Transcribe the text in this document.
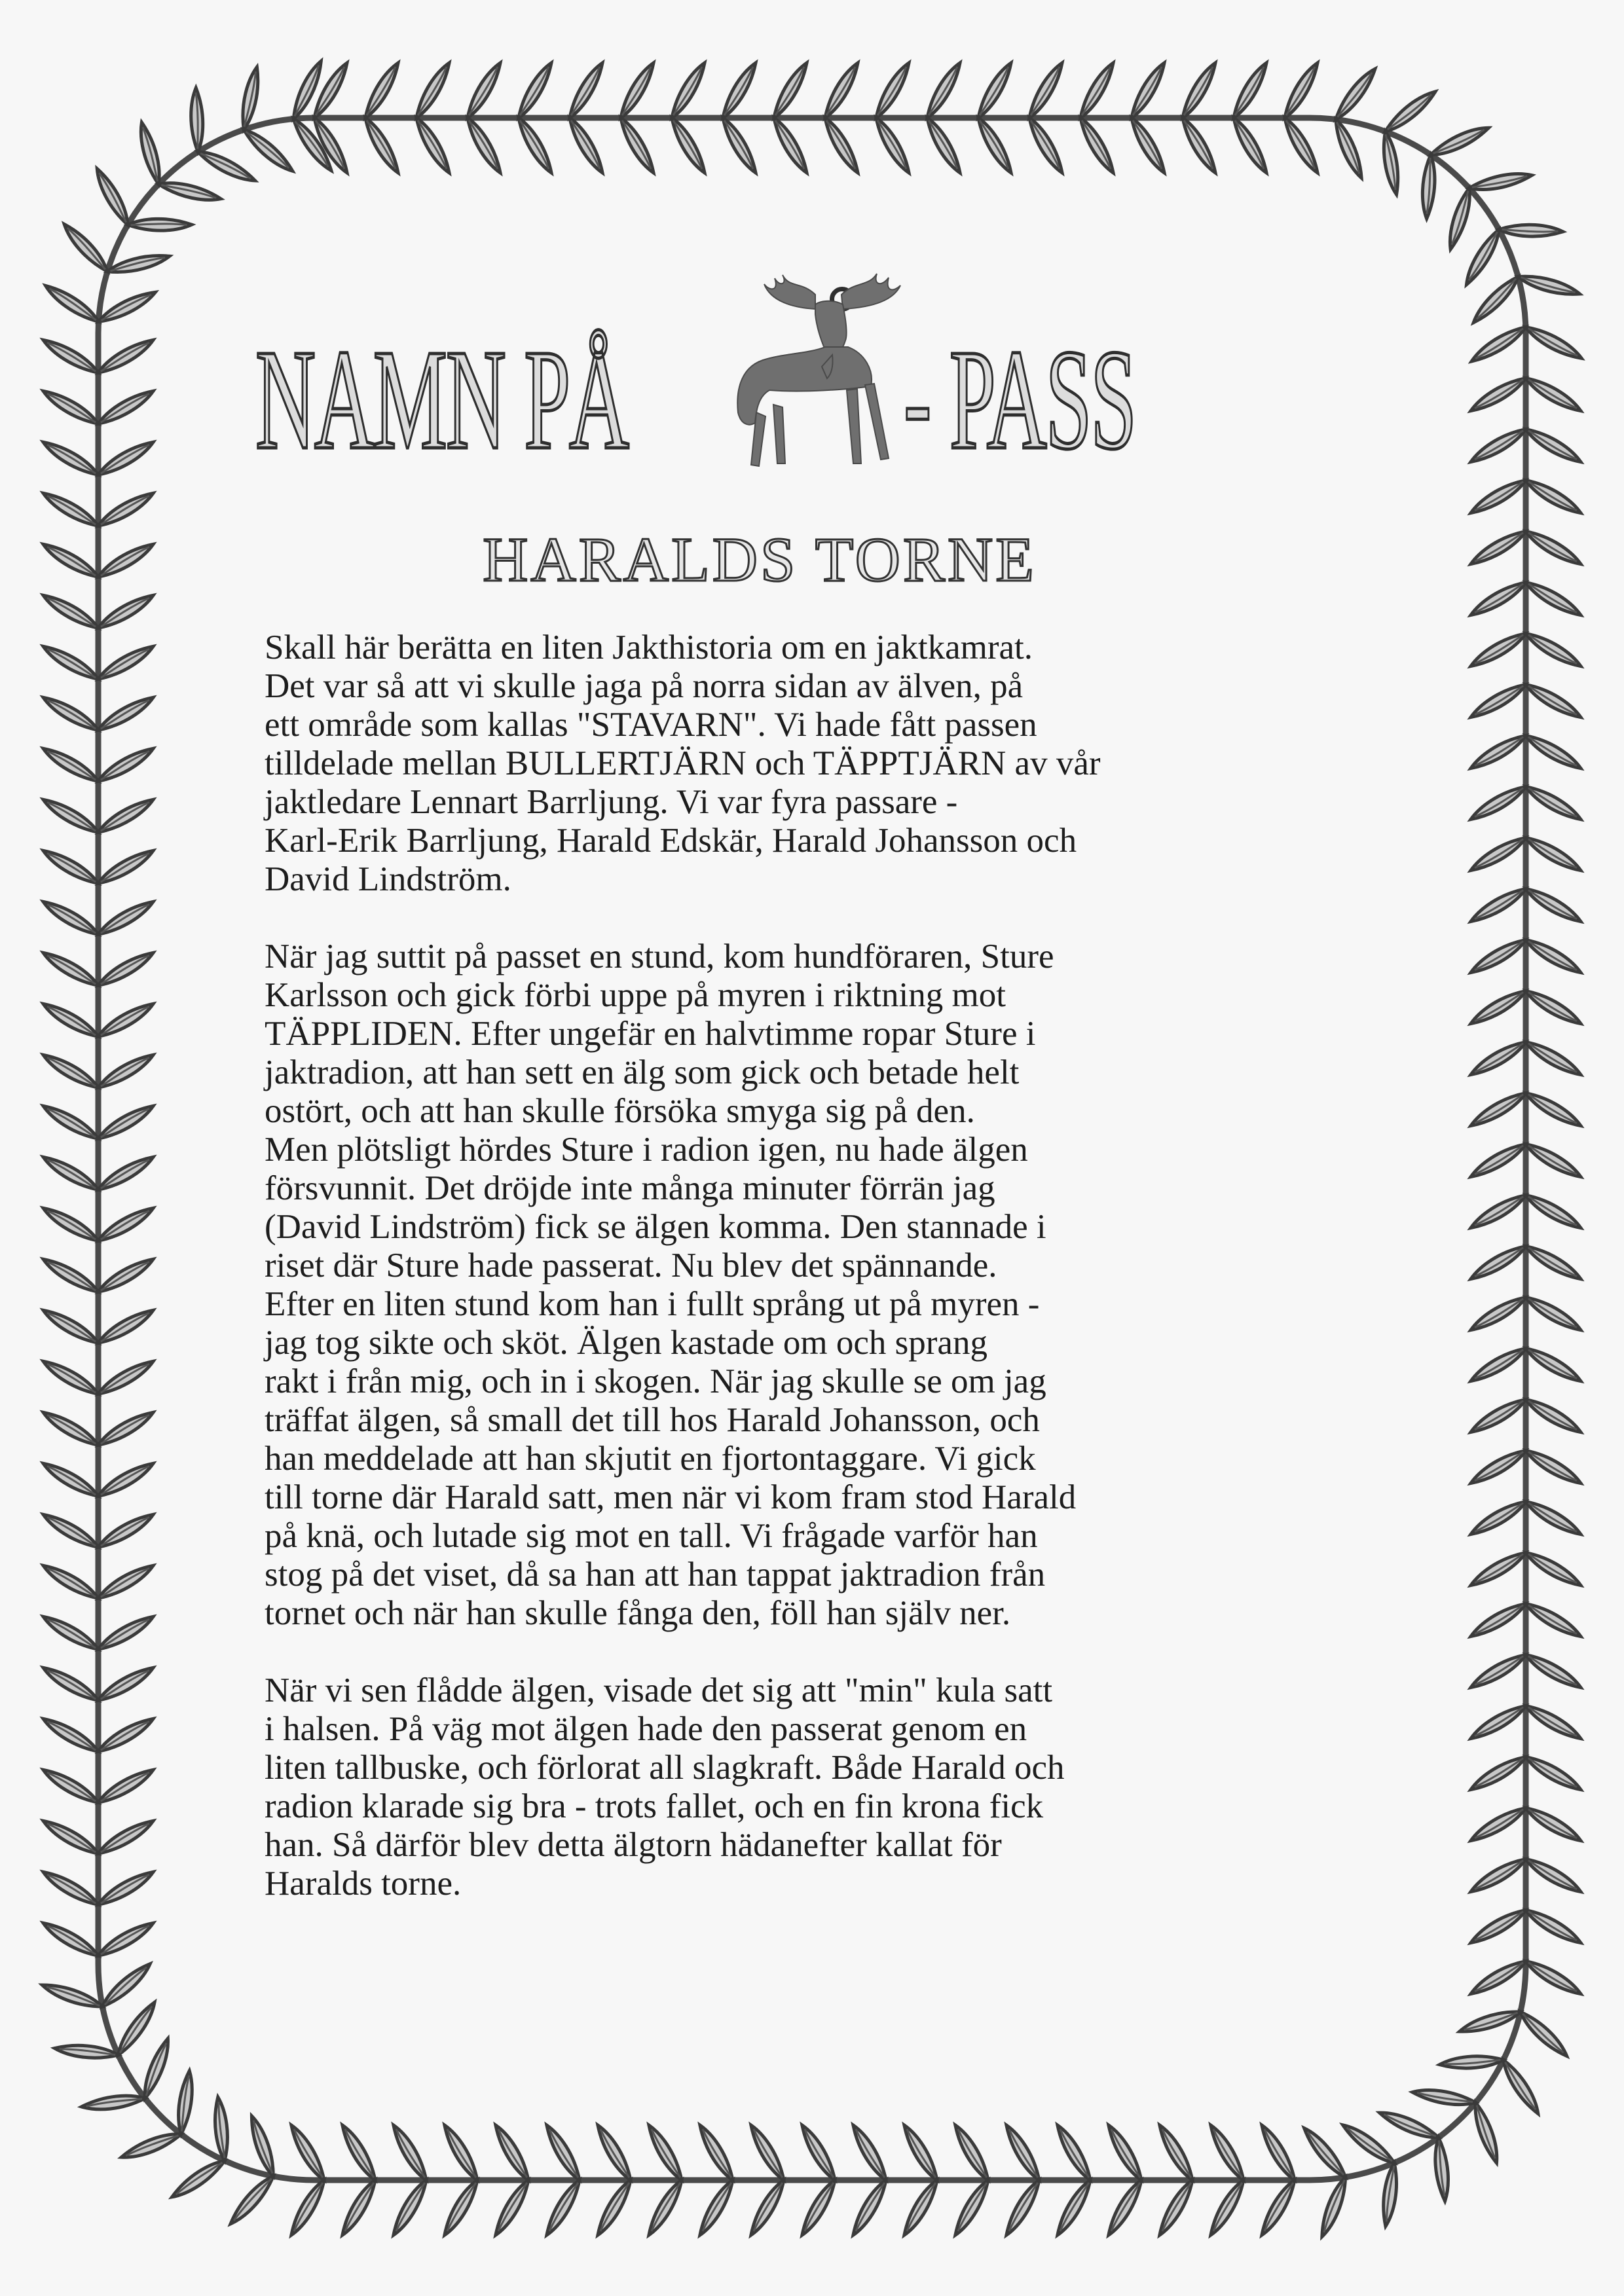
NAMN PÅ - PASS
HARALDS TORNE

Skall här berätta en liten Jakthistoria om en jaktkamrat.
Det var så att vi skulle jaga på norra sidan av älven, på
ett område som kallas "STAVARN". Vi hade fått passen
tilldelade mellan BULLERTJÄRN och TÄPPTJÄRN av vår
jaktledare Lennart Barrljung. Vi var fyra passare -
Karl-Erik Barrljung, Harald Edskär, Harald Johansson och
David Lindström.

När jag suttit på passet en stund, kom hundföraren, Sture
Karlsson och gick förbi uppe på myren i riktning mot
TÄPPLIDEN. Efter ungefär en halvtimme ropar Sture i
jaktradion, att han sett en älg som gick och betade helt
ostört, och att han skulle försöka smyga sig på den.
Men plötsligt hördes Sture i radion igen, nu hade älgen
försvunnit. Det dröjde inte många minuter förrän jag
(David Lindström) fick se älgen komma. Den stannade i
riset där Sture hade passerat. Nu blev det spännande.
Efter en liten stund kom han i fullt språng ut på myren -
jag tog sikte och sköt. Älgen kastade om och sprang
rakt i från mig, och in i skogen. När jag skulle se om jag
träffat älgen, så small det till hos Harald Johansson, och
han meddelade att han skjutit en fjortontaggare. Vi gick
till torne där Harald satt, men när vi kom fram stod Harald
på knä, och lutade sig mot en tall. Vi frågade varför han
stog på det viset, då sa han att han tappat jaktradion från
tornet och när han skulle fånga den, föll han själv ner.

När vi sen flådde älgen, visade det sig att "min" kula satt
i halsen. På väg mot älgen hade den passerat genom en
liten tallbuske, och förlorat all slagkraft. Både Harald och
radion klarade sig bra - trots fallet, och en fin krona fick
han. Så därför blev detta älgtorn hädanefter kallat för
Haralds torne.
